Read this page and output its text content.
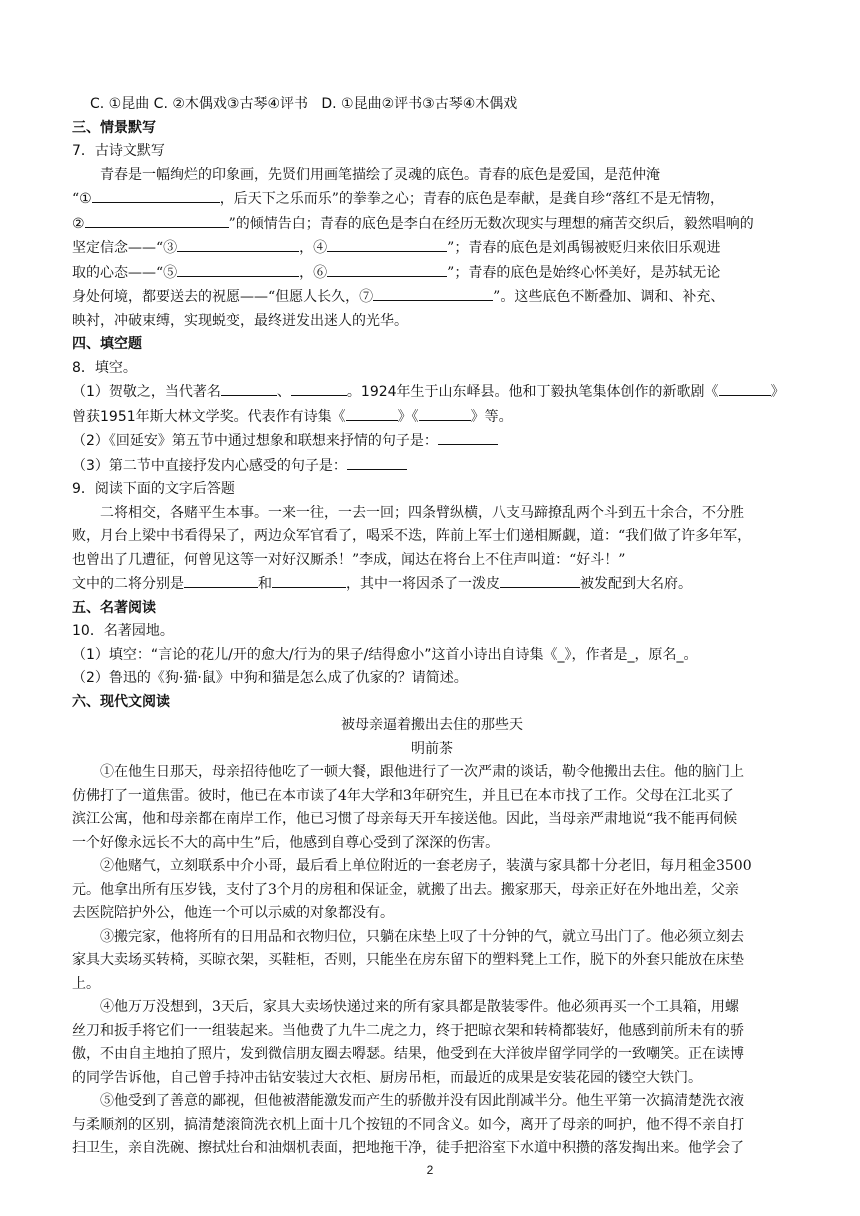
C. ①昆曲 C. ②木偶戏③古琴④评书 D. ①昆曲②评书③古琴④木偶戏
三、情景默写
7．古诗文默写
青春是一幅绚烂的印象画，先贤们用画笔描绘了灵魂的底色。青春的底色是爱国，是范仲淹
“①	，后天下之乐而乐”的拳拳之心；青春的底色是奉献，是龚自珍“落红不是无情物，
②	”的倾情告白；青春的底色是李白在经历无数次现实与理想的痛苦交织后，毅然唱响的
坚定信念——“③	，④	”；青春的底色是刘禹锡被贬归来依旧乐观进
取的心态——“⑤	，⑥	”；青春的底色是始终心怀美好，是苏轼无论
身处何境，都要送去的祝愿——“但愿人长久，⑦	”。这些底色不断叠加、调和、补充、
映衬，冲破束缚，实现蜕变，最终迸发出迷人的光华。
四、填空题
8．填空。
（1）贺敬之，当代著名	、	。1924年生于山东峄县。他和丁毅执笔集体创作的新歌剧《	》
曾获1951年斯大林文学奖。代表作有诗集《	》《	》等。
（2）《回延安》第五节中通过想象和联想来抒情的句子是：
（3）第二节中直接抒发内心感受的句子是：
9．阅读下面的文字后答题
二将相交，各赌平生本事。一来一往，一去一回；四条臂纵横，八支马蹄撩乱两个斗到五十余合，不分胜
败，月台上梁中书看得呆了，两边众军官看了，喝采不迭，阵前上军士们递相厮觑，道：“我们做了许多年军，
也曾出了几遭征，何曾见这等一对好汉厮杀！”李成，闻达在将台上不住声叫道：“好斗！”
文中的二将分别是	和	，其中一将因杀了一泼皮	被发配到大名府。
五、名著阅读
10．名著园地。
（1）填空：“言论的花儿/开的愈大/行为的果子/结得愈小”这首小诗出自诗集《_》，作者是_，原名_。
（2）鲁迅的《狗·猫·鼠》中狗和猫是怎么成了仇家的？请简述。
六、现代文阅读
被母亲逼着搬出去住的那些天
明前茶
①在他生日那天，母亲招待他吃了一顿大餐，跟他进行了一次严肃的谈话，勒令他搬出去住。他的脑门上
仿佛打了一道焦雷。彼时，他已在本市读了4年大学和3年研究生，并且已在本市找了工作。父母在江北买了
滨江公寓，他和母亲都在南岸工作，他已习惯了母亲每天开车接送他。因此，当母亲严肃地说“我不能再伺候
一个好像永远长不大的高中生”后，他感到自尊心受到了深深的伤害。
②他赌气，立刻联系中介小哥，最后看上单位附近的一套老房子，装潢与家具都十分老旧，每月租金3500
元。他拿出所有压岁钱，支付了3个月的房租和保证金，就搬了出去。搬家那天，母亲正好在外地出差，父亲
去医院陪护外公，他连一个可以示威的对象都没有。
③搬完家，他将所有的日用品和衣物归位，只躺在床垫上叹了十分钟的气，就立马出门了。他必须立刻去
家具大卖场买转椅，买晾衣架，买鞋柜，否则，只能坐在房东留下的塑料凳上工作，脱下的外套只能放在床垫
上。
④他万万没想到，3天后，家具大卖场快递过来的所有家具都是散装零件。他必须再买一个工具箱，用螺
丝刀和扳手将它们一一组装起来。当他费了九牛二虎之力，终于把晾衣架和转椅都装好，他感到前所未有的骄
傲，不由自主地拍了照片，发到微信朋友圈去嘚瑟。结果，他受到在大洋彼岸留学同学的一致嘲笑。正在读博
的同学告诉他，自己曾手持冲击钻安装过大衣柜、厨房吊柜，而最近的成果是安装花园的镂空大铁门。
⑤他受到了善意的鄙视，但他被潜能激发而产生的骄傲并没有因此削减半分。他生平第一次搞清楚洗衣液
与柔顺剂的区别，搞清楚滚筒洗衣机上面十几个按钮的不同含义。如今，离开了母亲的呵护，他不得不亲自打
扫卫生，亲自洗碗、擦拭灶台和油烟机表面，把地拖干净，徒手把浴室下水道中积攒的落发掏出来。他学会了
2
